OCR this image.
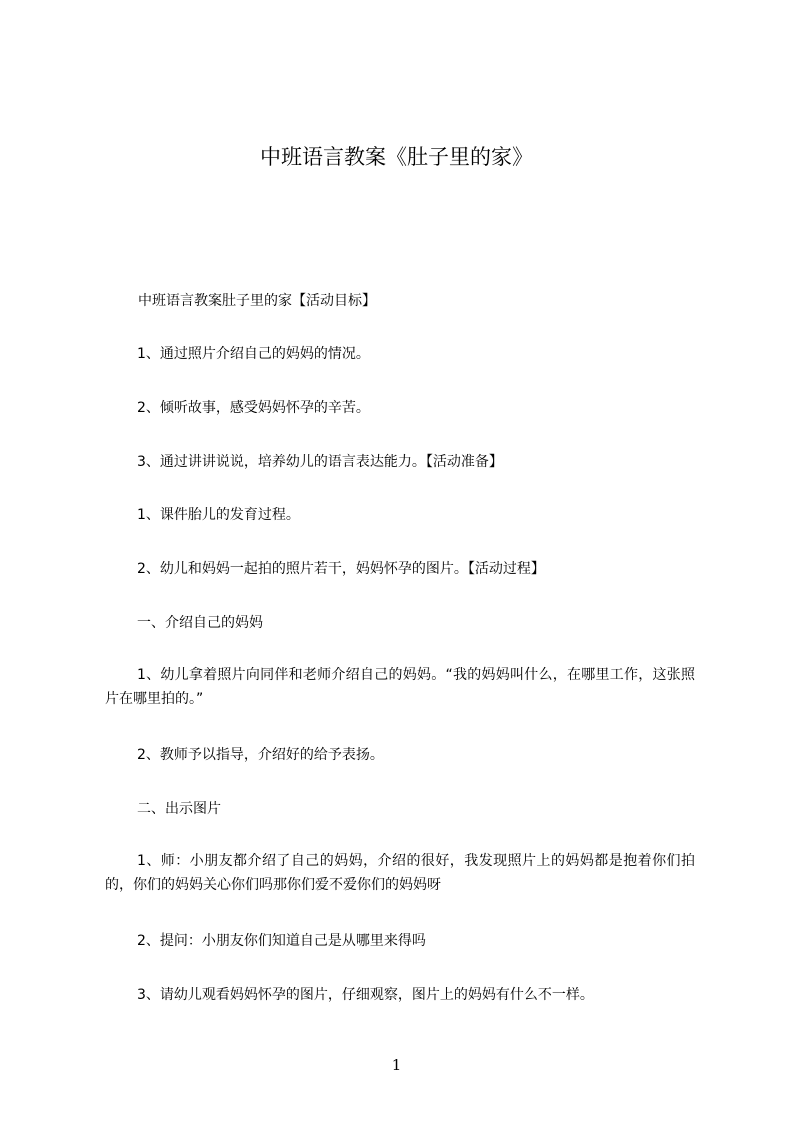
中班语言教案《肚子里的家》
中班语言教案肚子里的家【活动目标】
1、通过照片介绍自己的妈妈的情况。
2、倾听故事，感受妈妈怀孕的辛苦。
3、通过讲讲说说，培养幼儿的语言表达能力。【活动准备】
1、课件胎儿的发育过程。
2、幼儿和妈妈一起拍的照片若干，妈妈怀孕的图片。【活动过程】
一、介绍自己的妈妈
1、幼儿拿着照片向同伴和老师介绍自己的妈妈。“我的妈妈叫什么，在哪里工作，这张照片在哪里拍的。”
2、教师予以指导，介绍好的给予表扬。
二、出示图片
1、师：小朋友都介绍了自己的妈妈，介绍的很好，我发现照片上的妈妈都是抱着你们拍的，你们的妈妈关心你们吗那你们爱不爱你们的妈妈呀
2、提问：小朋友你们知道自己是从哪里来得吗
3、请幼儿观看妈妈怀孕的图片，仔细观察，图片上的妈妈有什么不一样。
1
